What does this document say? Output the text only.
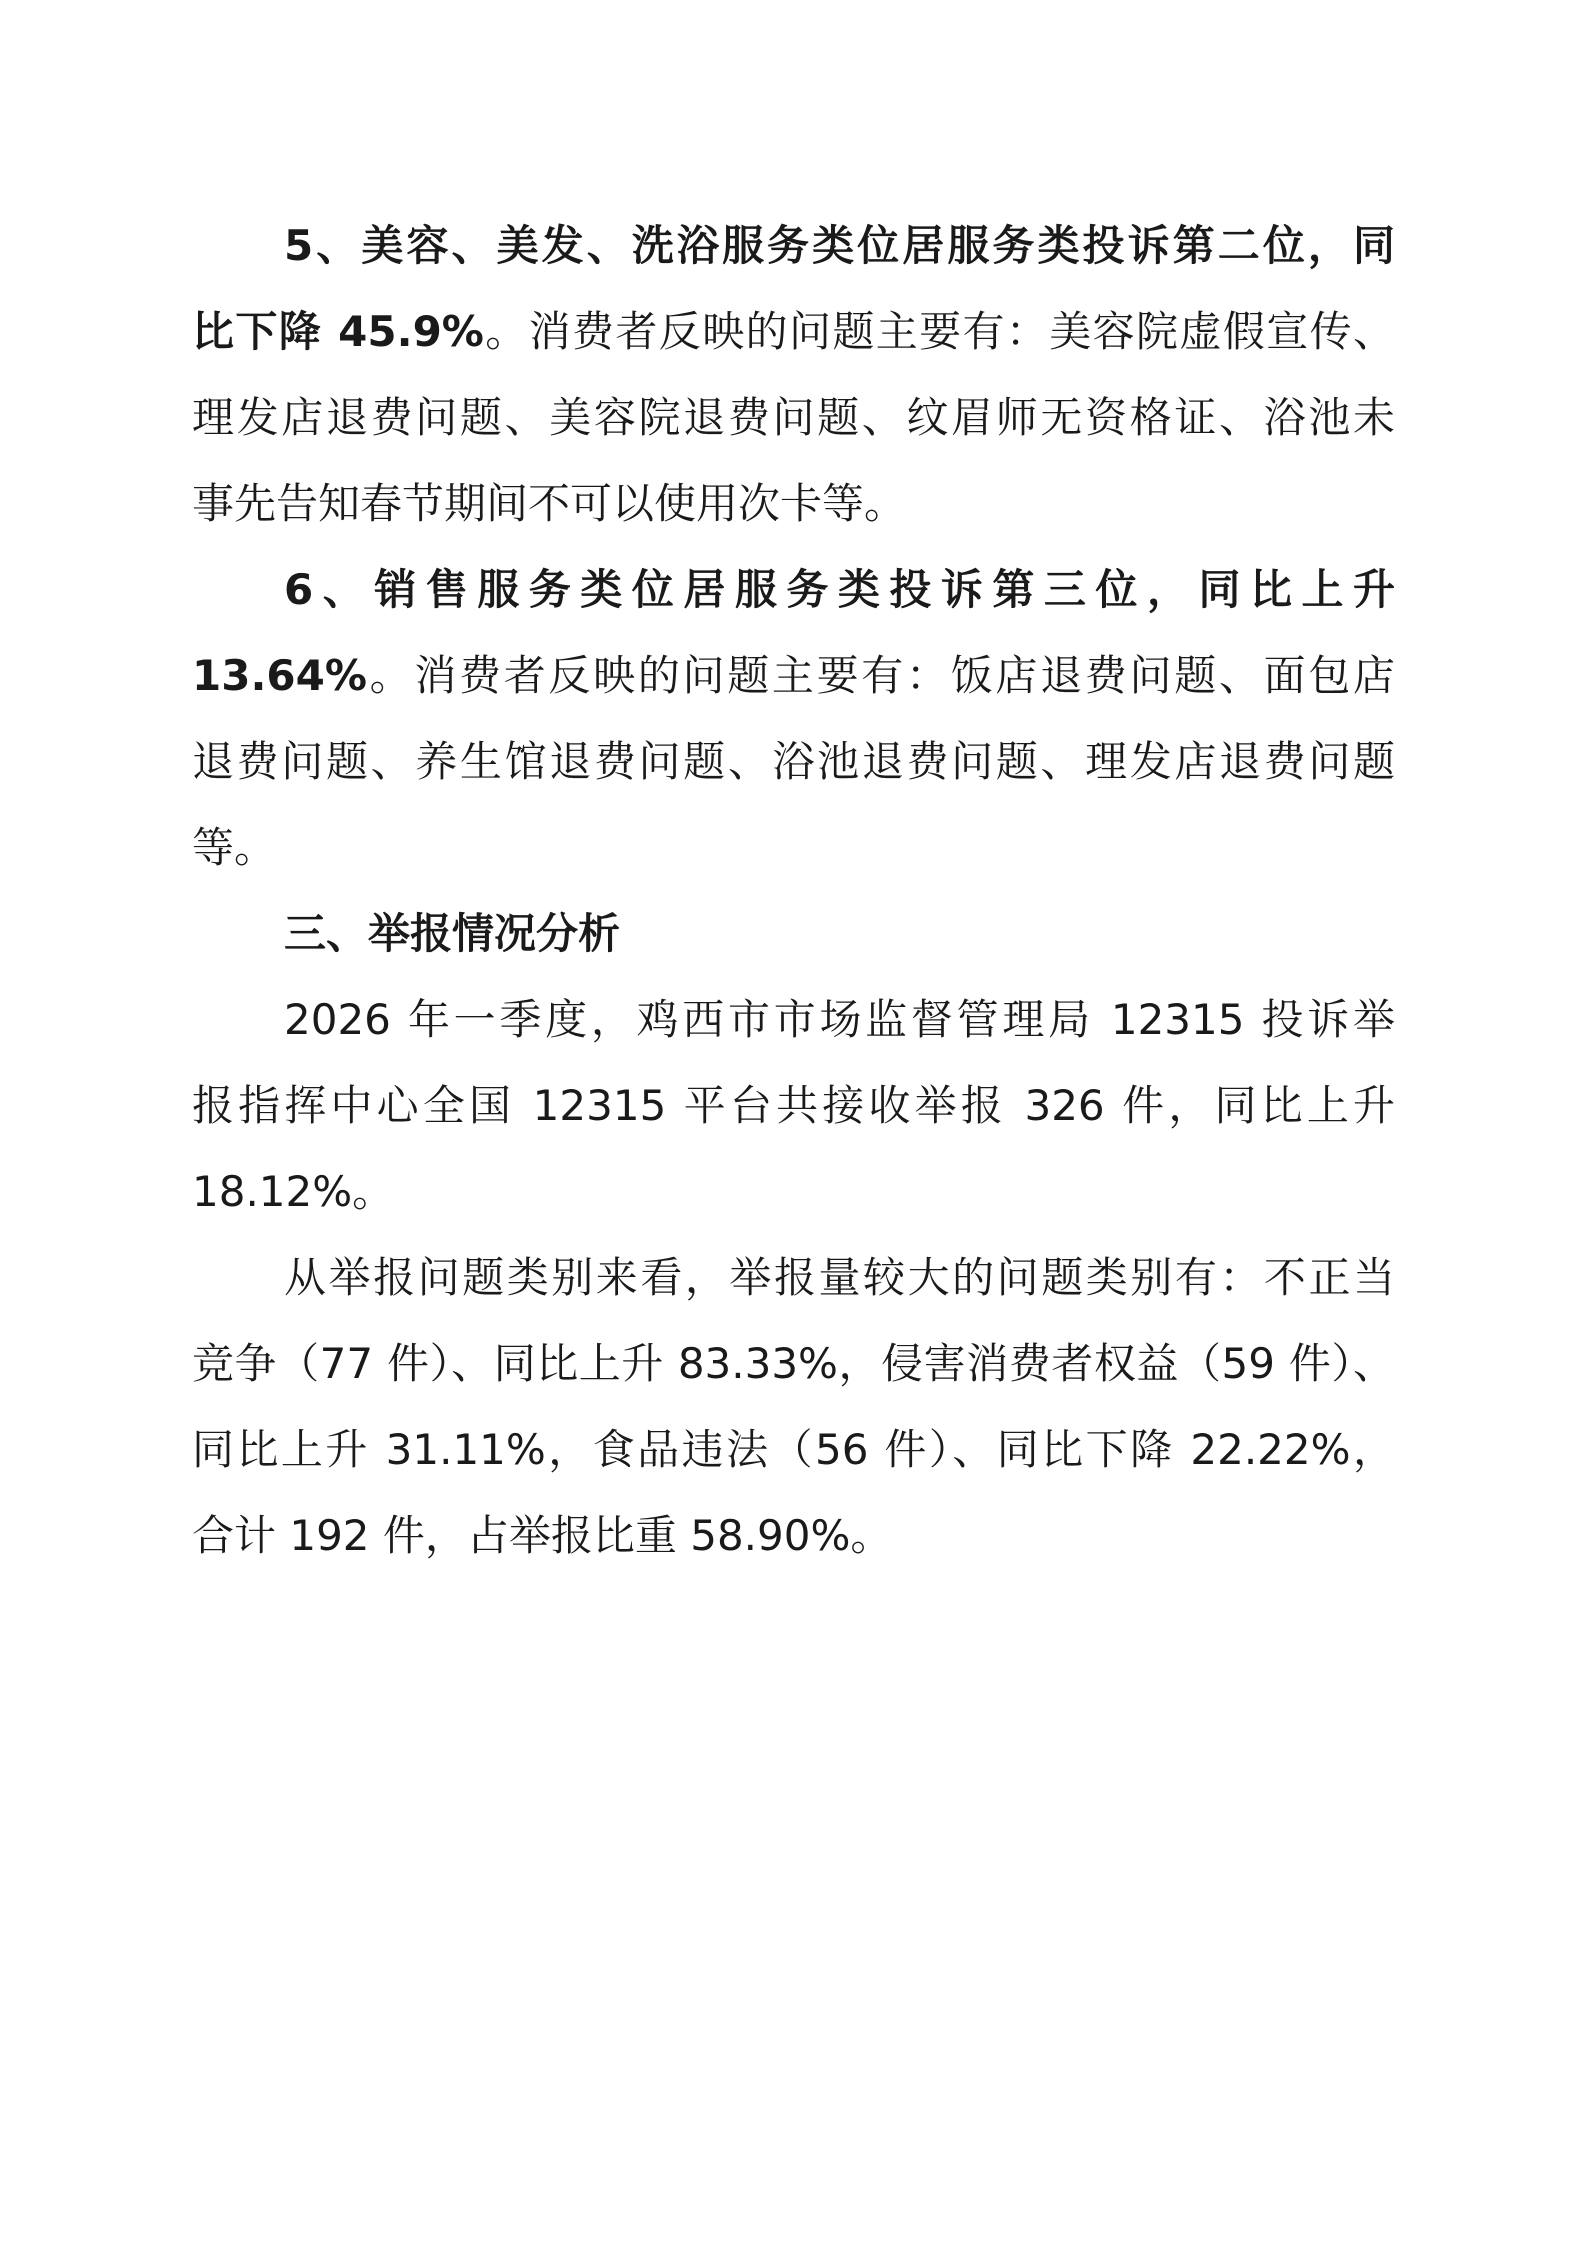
5、美容、美发、洗浴服务类位居服务类投诉第二位，同
比下降 45.9%。消费者反映的问题主要有：美容院虚假宣传、
理发店退费问题、美容院退费问题、纹眉师无资格证、浴池未
事先告知春节期间不可以使用次卡等。
6、销售服务类位居服务类投诉第三位，同比上升
13.64%。消费者反映的问题主要有：饭店退费问题、面包店
退费问题、养生馆退费问题、浴池退费问题、理发店退费问题
等。
三、举报情况分析
2026 年一季度，鸡西市市场监督管理局 12315 投诉举
报指挥中心全国 12315 平台共接收举报 326 件，同比上升
18.12%。
从举报问题类别来看，举报量较大的问题类别有：不正当
竞争（77 件）、同比上升 83.33%，侵害消费者权益（59 件）、
同比上升 31.11%，食品违法（56 件）、同比下降 22.22%，
合计 192 件，占举报比重 58.90%。
